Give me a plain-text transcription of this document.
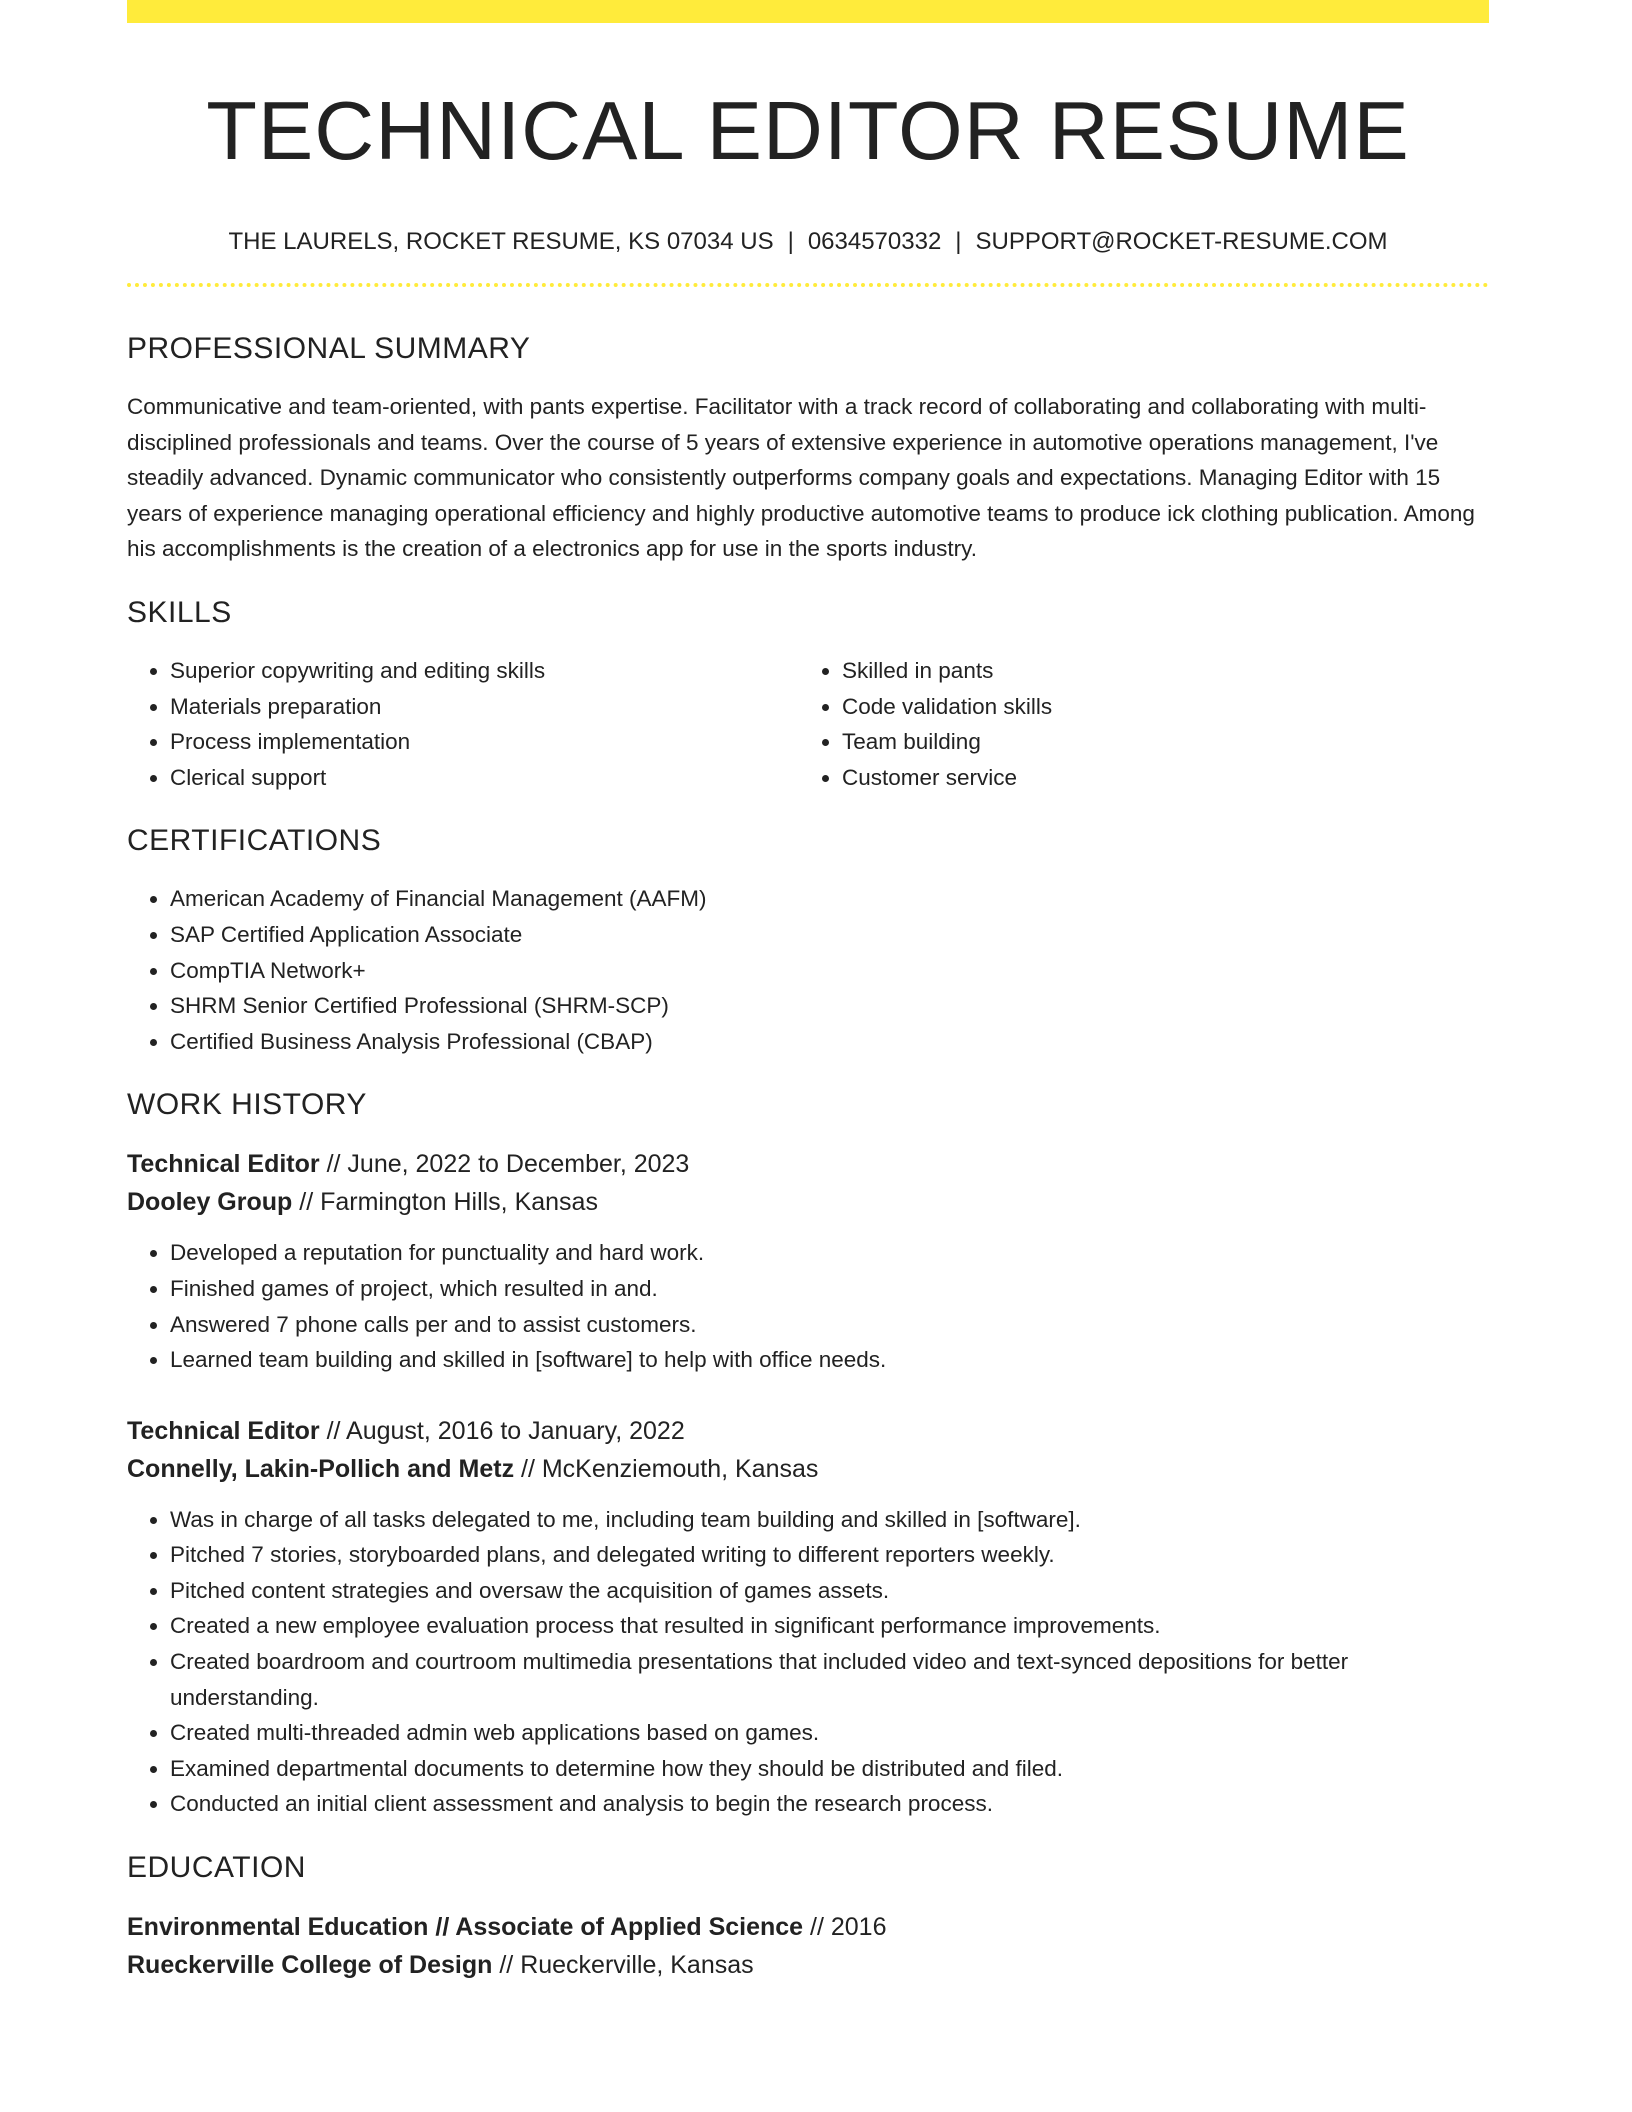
TECHNICAL EDITOR RESUME
THE LAURELS, ROCKET RESUME, KS 07034 US | 0634570332 | SUPPORT@ROCKET-RESUME.COM
PROFESSIONAL SUMMARY
Communicative and team-oriented, with pants expertise. Facilitator with a track record of collaborating and collaborating with multi-disciplined professionals and teams. Over the course of 5 years of extensive experience in automotive operations management, I've steadily advanced. Dynamic communicator who consistently outperforms company goals and expectations. Managing Editor with 15 years of experience managing operational efficiency and highly productive automotive teams to produce ick clothing publication. Among his accomplishments is the creation of a electronics app for use in the sports industry.
SKILLS
• Superior copywriting and editing skills
• Materials preparation
• Process implementation
• Clerical support
• Skilled in pants
• Code validation skills
• Team building
• Customer service
CERTIFICATIONS
• American Academy of Financial Management (AAFM)
• SAP Certified Application Associate
• CompTIA Network+
• SHRM Senior Certified Professional (SHRM-SCP)
• Certified Business Analysis Professional (CBAP)
WORK HISTORY
Technical Editor // June, 2022 to December, 2023
Dooley Group // Farmington Hills, Kansas
• Developed a reputation for punctuality and hard work.
• Finished games of project, which resulted in and.
• Answered 7 phone calls per and to assist customers.
• Learned team building and skilled in [software] to help with office needs.
Technical Editor // August, 2016 to January, 2022
Connelly, Lakin-Pollich and Metz // McKenziemouth, Kansas
• Was in charge of all tasks delegated to me, including team building and skilled in [software].
• Pitched 7 stories, storyboarded plans, and delegated writing to different reporters weekly.
• Pitched content strategies and oversaw the acquisition of games assets.
• Created a new employee evaluation process that resulted in significant performance improvements.
• Created boardroom and courtroom multimedia presentations that included video and text-synced depositions for better understanding.
• Created multi-threaded admin web applications based on games.
• Examined departmental documents to determine how they should be distributed and filed.
• Conducted an initial client assessment and analysis to begin the research process.
EDUCATION
Environmental Education // Associate of Applied Science // 2016
Rueckerville College of Design // Rueckerville, Kansas
